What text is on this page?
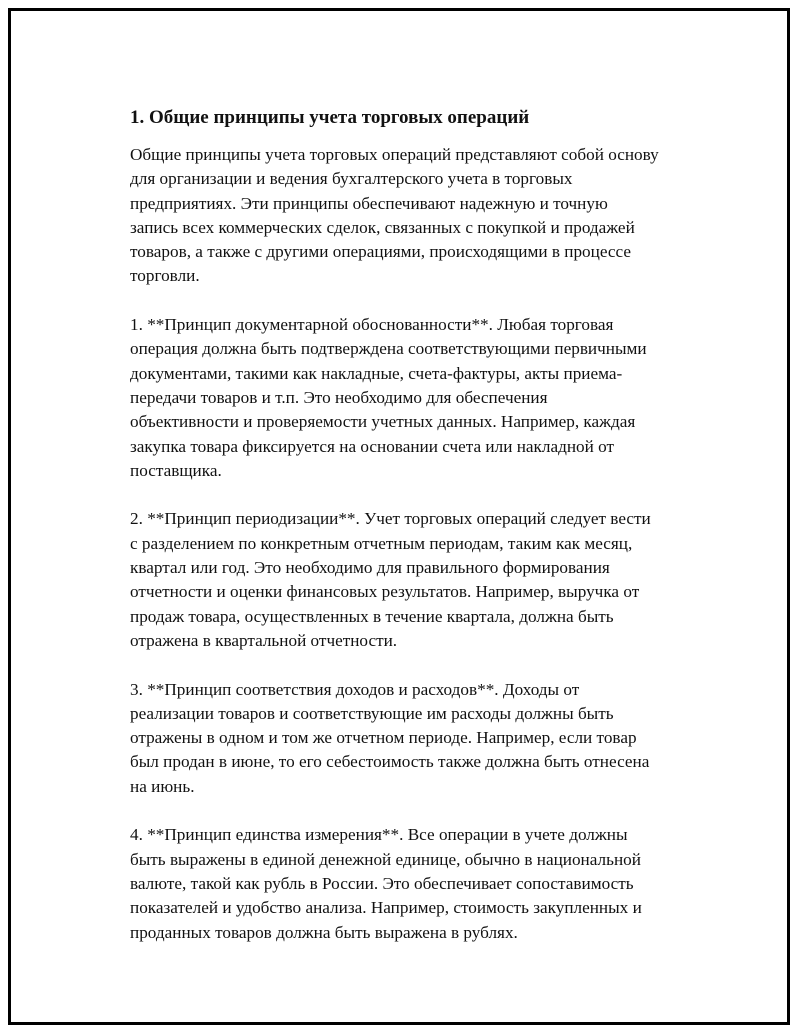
1. Общие принципы учета торговых операций
Общие принципы учета торговых операций представляют собой основу
для организации и ведения бухгалтерского учета в торговых
предприятиях. Эти принципы обеспечивают надежную и точную
запись всех коммерческих сделок, связанных с покупкой и продажей
товаров, а также с другими операциями, происходящими в процессе
торговли.
1. **Принцип документарной обоснованности**. Любая торговая
операция должна быть подтверждена соответствующими первичными
документами, такими как накладные, счета-фактуры, акты приема-
передачи товаров и т.п. Это необходимо для обеспечения
объективности и проверяемости учетных данных. Например, каждая
закупка товара фиксируется на основании счета или накладной от
поставщика.
2. **Принцип периодизации**. Учет торговых операций следует вести
с разделением по конкретным отчетным периодам, таким как месяц,
квартал или год. Это необходимо для правильного формирования
отчетности и оценки финансовых результатов. Например, выручка от
продаж товара, осуществленных в течение квартала, должна быть
отражена в квартальной отчетности.
3. **Принцип соответствия доходов и расходов**. Доходы от
реализации товаров и соответствующие им расходы должны быть
отражены в одном и том же отчетном периоде. Например, если товар
был продан в июне, то его себестоимость также должна быть отнесена
на июнь.
4. **Принцип единства измерения**. Все операции в учете должны
быть выражены в единой денежной единице, обычно в национальной
валюте, такой как рубль в России. Это обеспечивает сопоставимость
показателей и удобство анализа. Например, стоимость закупленных и
проданных товаров должна быть выражена в рублях.
